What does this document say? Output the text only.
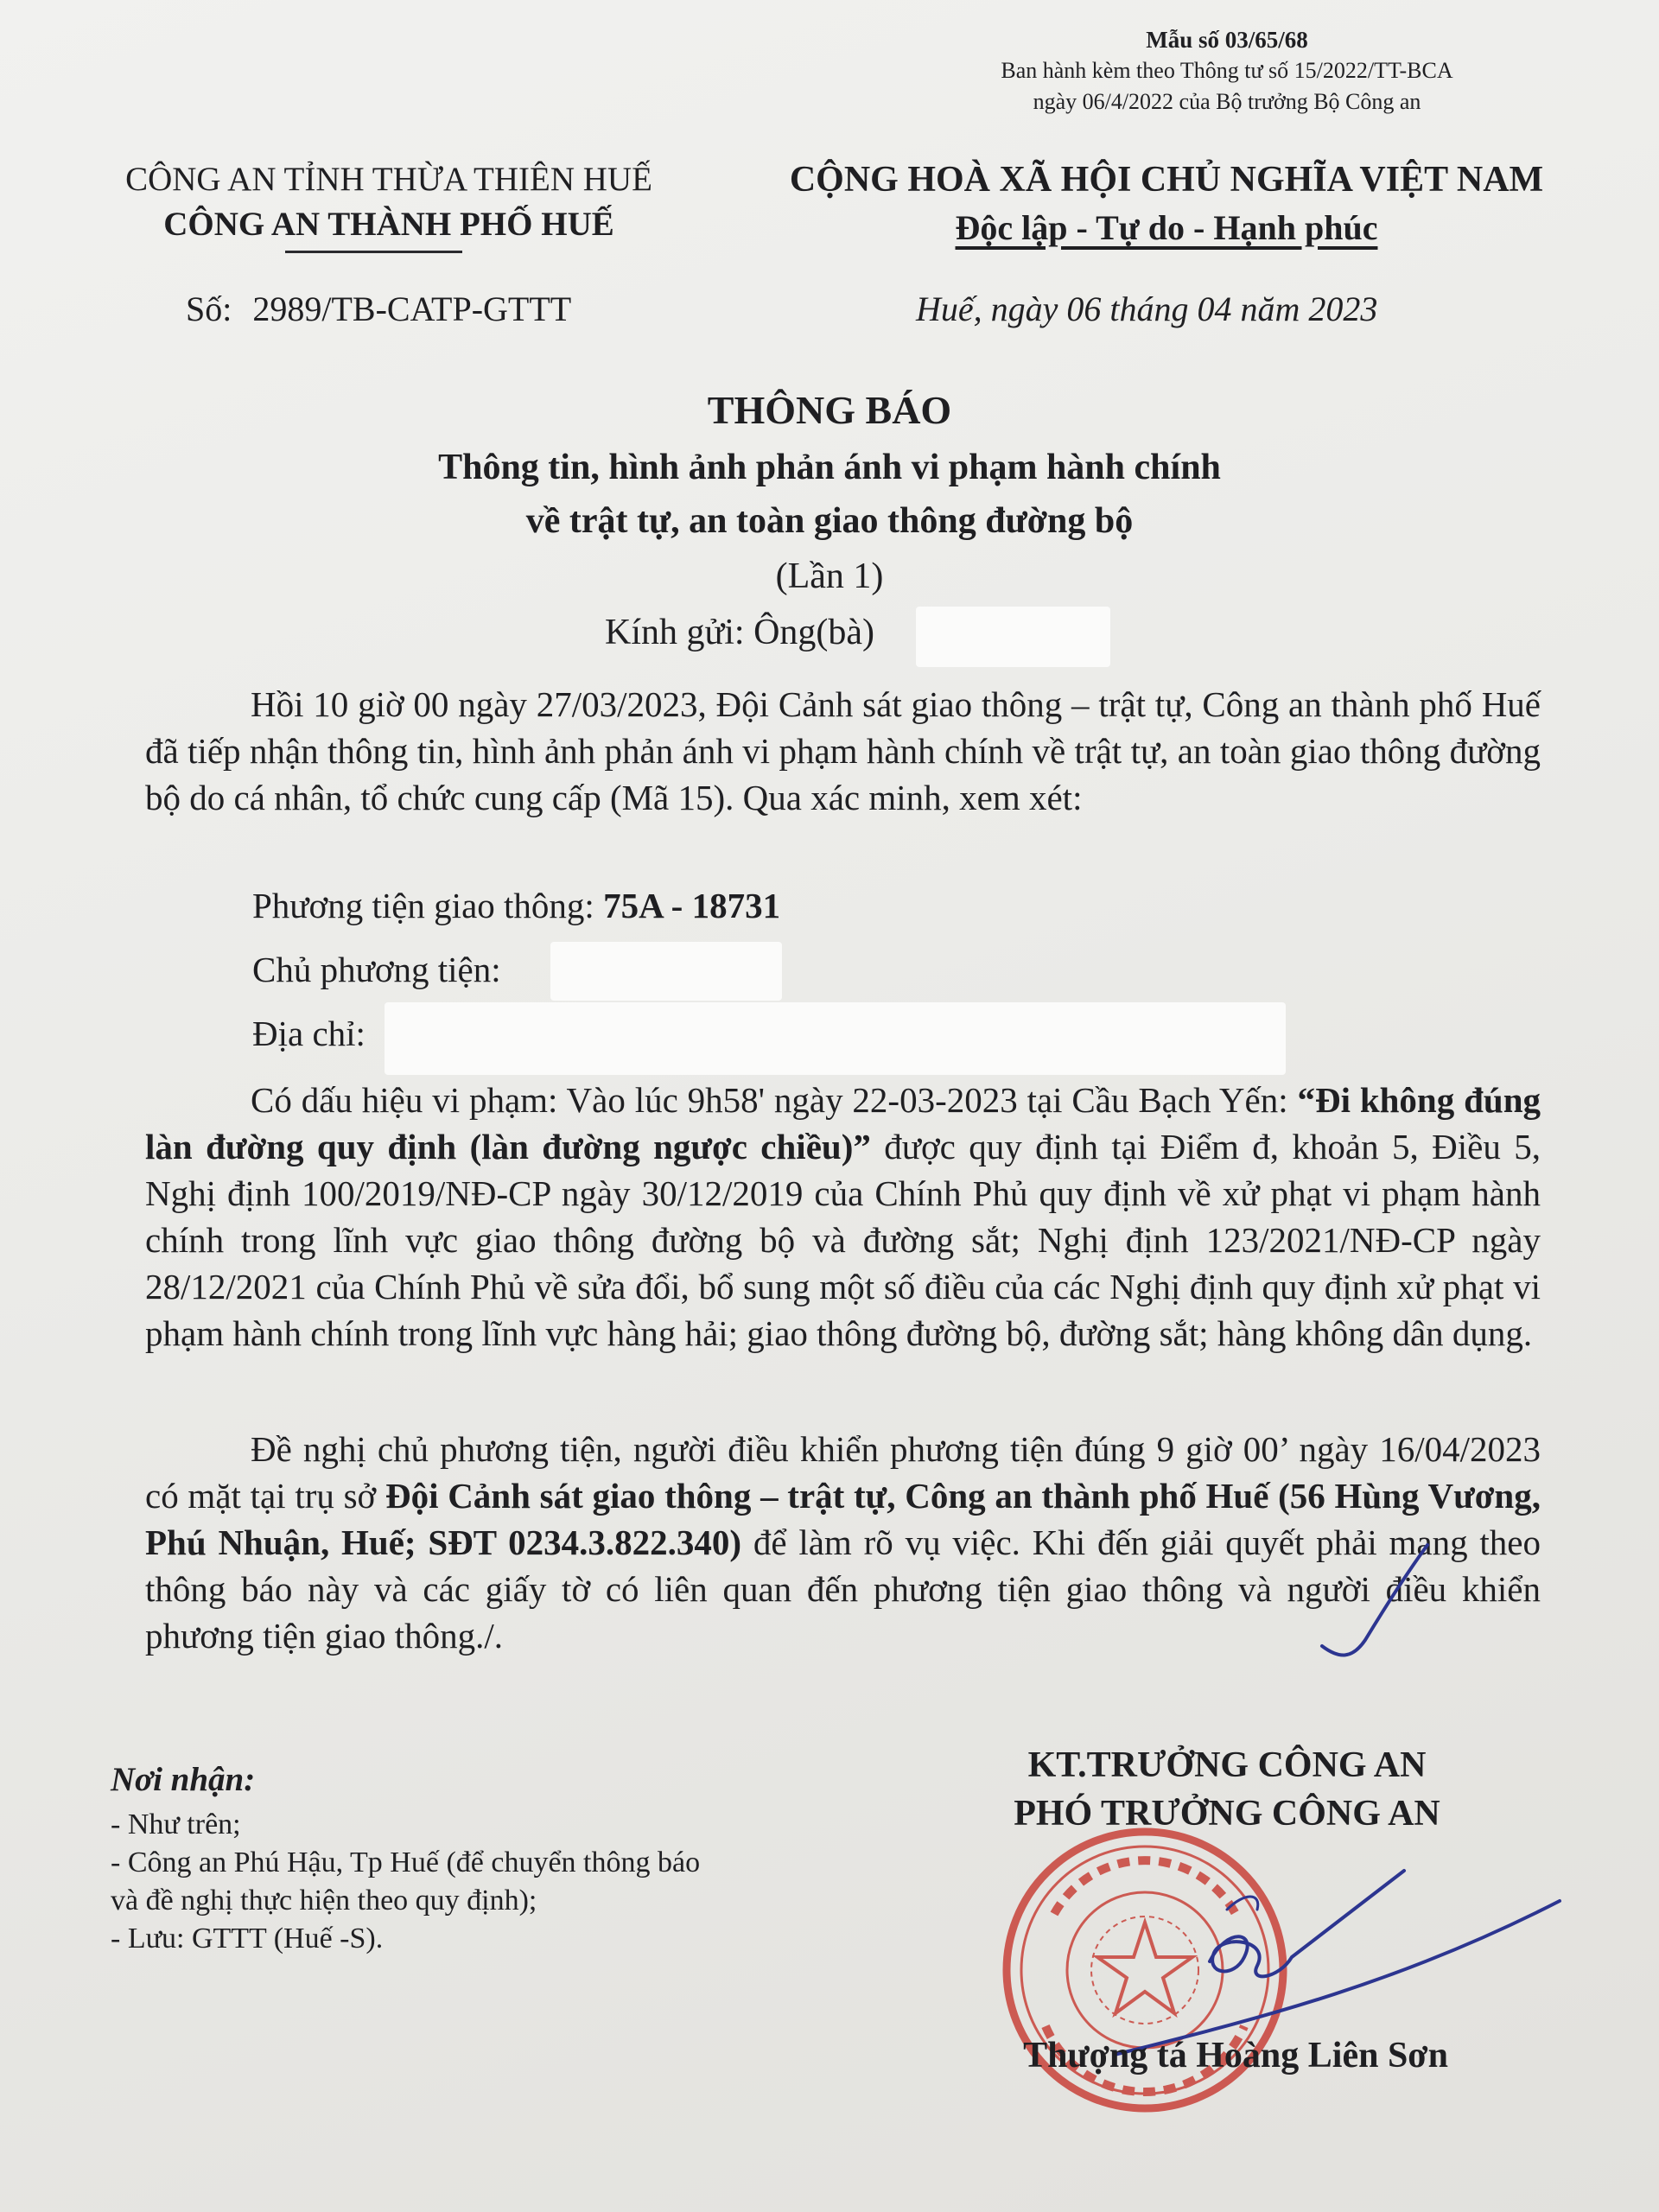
Mẫu số 03/65/68
Ban hành kèm theo Thông tư số 15/2022/TT-BCA
ngày 06/4/2022 của Bộ trưởng Bộ Công an
CÔNG AN TỈNH THỪA THIÊN HUẾ
CÔNG AN THÀNH PHỐ HUẾ
CỘNG HOÀ XÃ HỘI CHỦ NGHĨA VIỆT NAM
Độc lập - Tự do - Hạnh phúc
Số: 2989/TB-CATP-GTTT	Huế, ngày 06 tháng 04 năm 2023
THÔNG BÁO
Thông tin, hình ảnh phản ánh vi phạm hành chính
về trật tự, an toàn giao thông đường bộ
(Lần 1)
Kính gửi: Ông(bà)
Hồi 10 giờ 00 ngày 27/03/2023, Đội Cảnh sát giao thông – trật tự, Công an thành phố Huế đã tiếp nhận thông tin, hình ảnh phản ánh vi phạm hành chính về trật tự, an toàn giao thông đường bộ do cá nhân, tổ chức cung cấp (Mã 15). Qua xác minh, xem xét:
Phương tiện giao thông: 75A - 18731
Chủ phương tiện:
Địa chỉ:
Có dấu hiệu vi phạm: Vào lúc 9h58' ngày 22-03-2023 tại Cầu Bạch Yến: “Đi không đúng làn đường quy định (làn đường ngược chiều)” được quy định tại Điểm đ, khoản 5, Điều 5, Nghị định 100/2019/NĐ-CP ngày 30/12/2019 của Chính Phủ quy định về xử phạt vi phạm hành chính trong lĩnh vực giao thông đường bộ và đường sắt; Nghị định 123/2021/NĐ-CP ngày 28/12/2021 của Chính Phủ về sửa đổi, bổ sung một số điều của các Nghị định quy định xử phạt vi phạm hành chính trong lĩnh vực hàng hải; giao thông đường bộ, đường sắt; hàng không dân dụng.
Đề nghị chủ phương tiện, người điều khiển phương tiện đúng 9 giờ 00’ ngày 16/04/2023 có mặt tại trụ sở Đội Cảnh sát giao thông – trật tự, Công an thành phố Huế (56 Hùng Vương, Phú Nhuận, Huế; SĐT 0234.3.822.340) để làm rõ vụ việc. Khi đến giải quyết phải mang theo thông báo này và các giấy tờ có liên quan đến phương tiện giao thông và người điều khiển phương tiện giao thông./.
Nơi nhận:
- Như trên;
- Công an Phú Hậu, Tp Huế (để chuyển thông báo
và đề nghị thực hiện theo quy định);
- Lưu: GTTT (Huế -S).
KT.TRƯỞNG CÔNG AN
PHÓ TRƯỞNG CÔNG AN
Thượng tá Hoàng Liên Sơn
